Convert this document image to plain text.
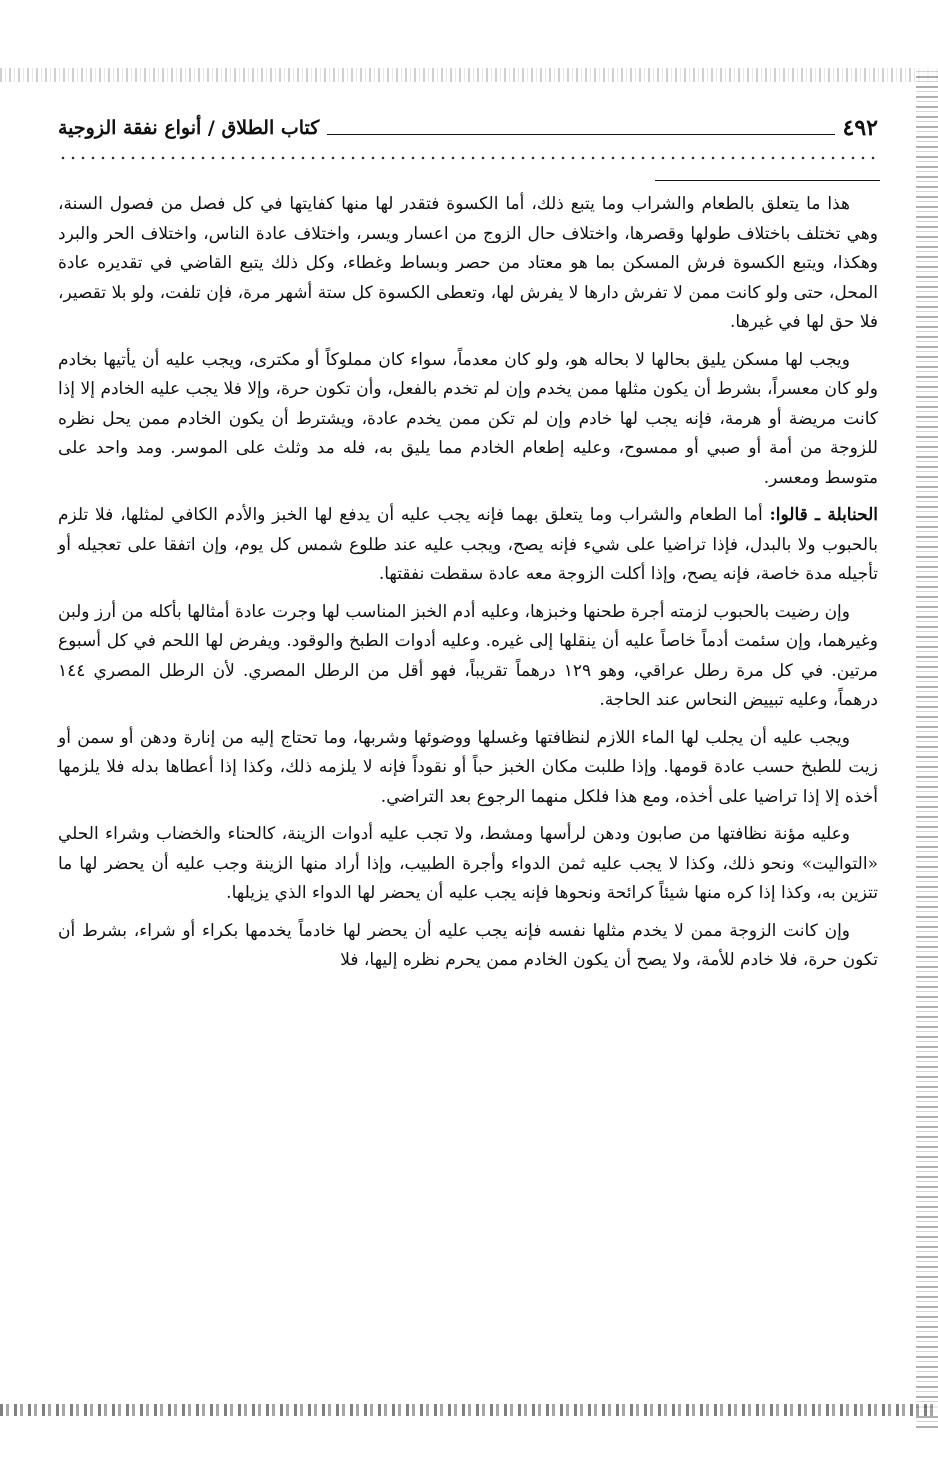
٤٩٢
كتاب الطلاق / أنواع نفقة الزوجية

هذا ما يتعلق بالطعام والشراب وما يتبع ذلك، أما الكسوة فتقدر لها منها كفايتها في كل فصل من فصول السنة، وهي تختلف باختلاف طولها وقصرها، واختلاف حال الزوج من اعسار ويسر، واختلاف عادة الناس، واختلاف الحر والبرد وهكذا، ويتبع الكسوة فرش المسكن بما هو معتاد من حصر وبساط وغطاء، وكل ذلك يتبع القاضي في تقديره عادة المحل، حتى ولو كانت ممن لا تفرش دارها لا يفرش لها، وتعطى الكسوة كل ستة أشهر مرة، فإن تلفت، ولو بلا تقصير، فلا حق لها في غيرها.

ويجب لها مسكن يليق بحالها لا بحاله هو، ولو كان معدماً، سواء كان مملوكاً أو مكترى، ويجب عليه أن يأتيها بخادم ولو كان معسراً، بشرط أن يكون مثلها ممن يخدم وإن لم تخدم بالفعل، وأن تكون حرة، وإلا فلا يجب عليه الخادم إلا إذا كانت مريضة أو هرمة، فإنه يجب لها خادم وإن لم تكن ممن يخدم عادة، ويشترط أن يكون الخادم ممن يحل نظره للزوجة من أمة أو صبي أو ممسوح، وعليه إطعام الخادم مما يليق به، فله مد وثلث على الموسر. ومد واحد على متوسط ومعسر.

الحنابلة ـ قالوا: أما الطعام والشراب وما يتعلق بهما فإنه يجب عليه أن يدفع لها الخبز والأدم الكافي لمثلها، فلا تلزم بالحبوب ولا بالبدل، فإذا تراضيا على شيء فإنه يصح، ويجب عليه عند طلوع شمس كل يوم، وإن اتفقا على تعجيله أو تأجيله مدة خاصة، فإنه يصح، وإذا أكلت الزوجة معه عادة سقطت نفقتها.

وإن رضيت بالحبوب لزمته أجرة طحنها وخبزها، وعليه أدم الخبز المناسب لها وجرت عادة أمثالها بأكله من أرز ولبن وغيرهما، وإن سئمت أدماً خاصاً عليه أن ينقلها إلى غيره. وعليه أدوات الطبخ والوقود. ويفرض لها اللحم في كل أسبوع مرتين. في كل مرة رطل عراقي، وهو ١٢٩ درهماً تقريباً، فهو أقل من الرطل المصري. لأن الرطل المصري ١٤٤ درهماً، وعليه تبييض النحاس عند الحاجة.

ويجب عليه أن يجلب لها الماء اللازم لنظافتها وغسلها ووضوئها وشربها، وما تحتاج إليه من إنارة ودهن أو سمن أو زيت للطبخ حسب عادة قومها. وإذا طلبت مكان الخبز حباً أو نقوداً فإنه لا يلزمه ذلك، وكذا إذا أعطاها بدله فلا يلزمها أخذه إلا إذا تراضيا على أخذه، ومع هذا فلكل منهما الرجوع بعد التراضي.

وعليه مؤنة نظافتها من صابون ودهن لرأسها ومشط، ولا تجب عليه أدوات الزينة، كالحناء والخضاب وشراء الحلي «التواليت» ونحو ذلك، وكذا لا يجب عليه ثمن الدواء وأجرة الطبيب، وإذا أراد منها الزينة وجب عليه أن يحضر لها ما تتزين به، وكذا إذا كره منها شيئاً كرائحة ونحوها فإنه يجب عليه أن يحضر لها الدواء الذي يزيلها.

وإن كانت الزوجة ممن لا يخدم مثلها نفسه فإنه يجب عليه أن يحضر لها خادماً يخدمها بكراء أو شراء، بشرط أن تكون حرة، فلا خادم للأمة، ولا يصح أن يكون الخادم ممن يحرم نظره إليها، فلا
